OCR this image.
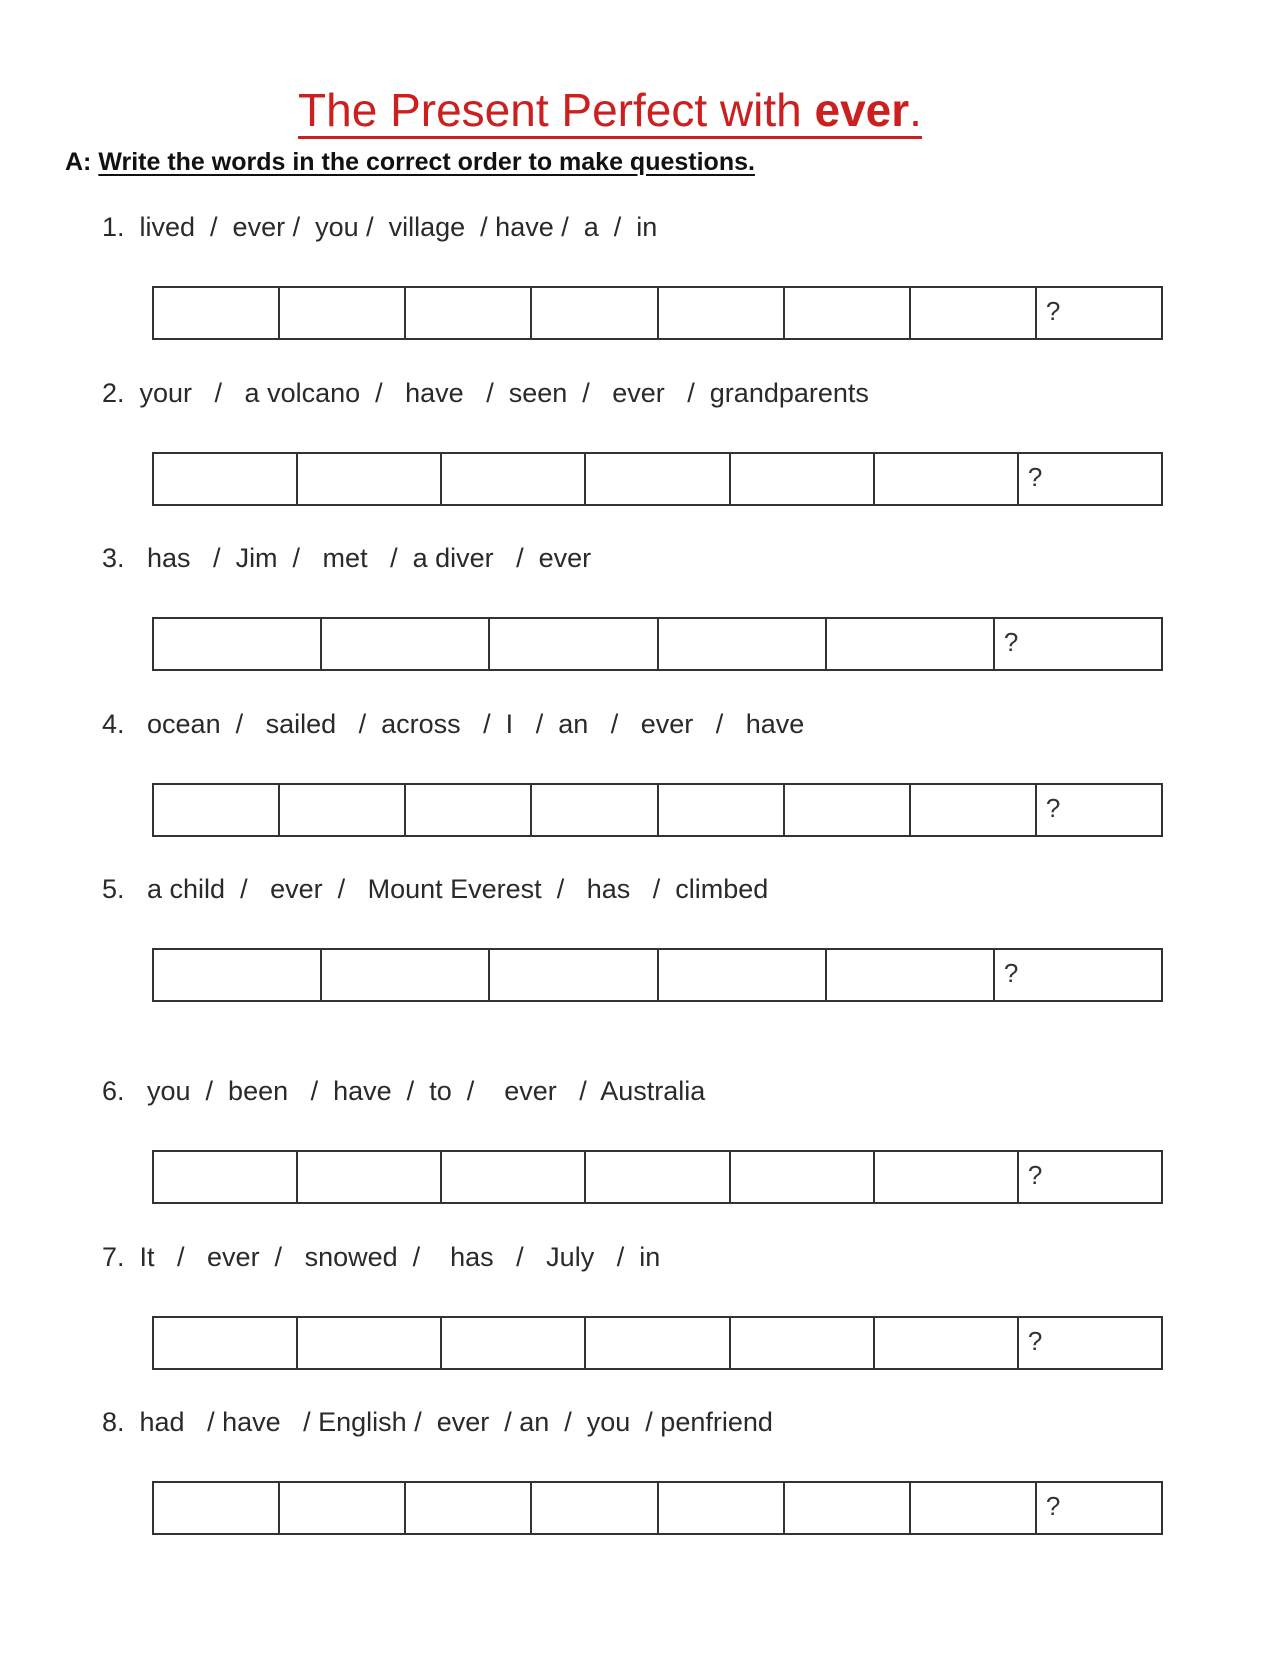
The Present Perfect with ever.
A: Write the words in the correct order to make questions.
1.  lived  /  ever /  you /  village  / have /  a  /  in
?
2.  your   /   a volcano  /   have   /  seen  /   ever   /  grandparents
?
3.   has   /  Jim  /   met   /  a diver   /  ever
?
4.   ocean  /   sailed   /  across   /  I   /  an   /   ever   /   have
?
5.   a child  /   ever  /   Mount Everest  /   has   /  climbed
?
6.   you  /  been   /  have  /  to  /    ever   /  Australia
?
7.  It   /   ever  /   snowed  /    has   /   July   /  in
?
8.  had   / have   / English /  ever  / an  /  you  / penfriend
?
